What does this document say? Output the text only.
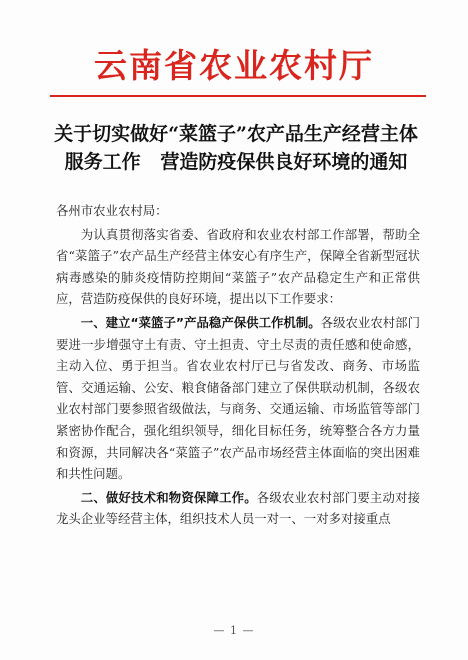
云南省农业农村厅
关于切实做好“菜篮子”农产品生产经营主体
服务工作   营造防疫保供良好环境的通知
各州市农业农村局：

为认真贯彻落实省委、省政府和农业农村部工作部署，帮助全省“菜篮子”农产品生产经营主体安心有序生产，保障全省新型冠状病毒感染的肺炎疫情防控期间“菜篮子”农产品稳定生产和正常供应，营造防疫保供的良好环境，提出以下工作要求：

一、建立“菜篮子”产品稳产保供工作机制。各级农业农村部门要进一步增强守土有责、守土担责、守土尽责的责任感和使命感，主动入位、勇于担当。省农业农村厅已与省发改、商务、市场监管、交通运输、公安、粮食储备部门建立了保供联动机制，各级农业农村部门要参照省级做法，与商务、交通运输、市场监管等部门紧密协作配合，强化组织领导，细化目标任务，统筹整合各方力量和资源，共同解决各“菜篮子”农产品市场经营主体面临的突出困难和共性问题。

二、做好技术和物资保障工作。各级农业农村部门要主动对接龙头企业等经营主体，组织技术人员一对一、一对多对接重点

— 1 —
